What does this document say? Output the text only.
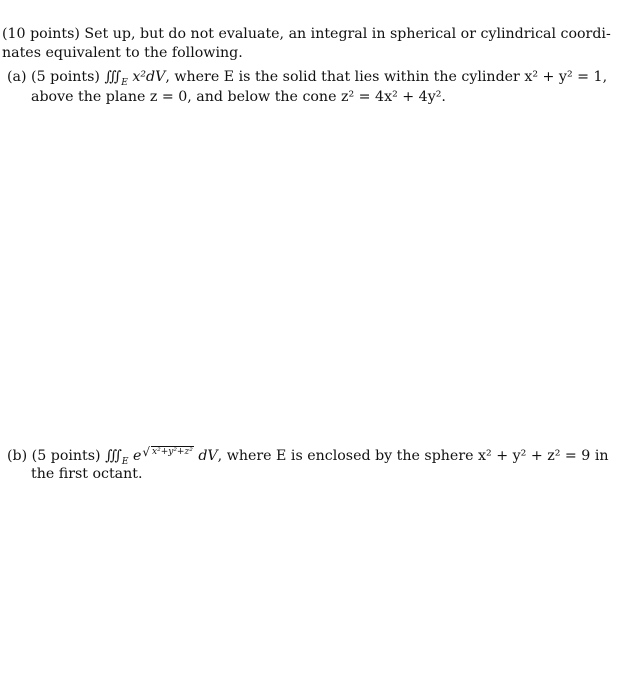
(10 points) Set up, but do not evaluate, an integral in spherical or cylindrical coordi-
nates equivalent to the following.
(a) (5 points) $∭_E$ x²dV, where E is the solid that lies within the cylinder x² + y² = 1,
above the plane z = 0, and below the cone z² = 4x² + 4y².
(b) (5 points) $∭_E$ e√ x²+y²+z² dV, where E is enclosed by the sphere x² + y² + z² = 9 in
the first octant.
